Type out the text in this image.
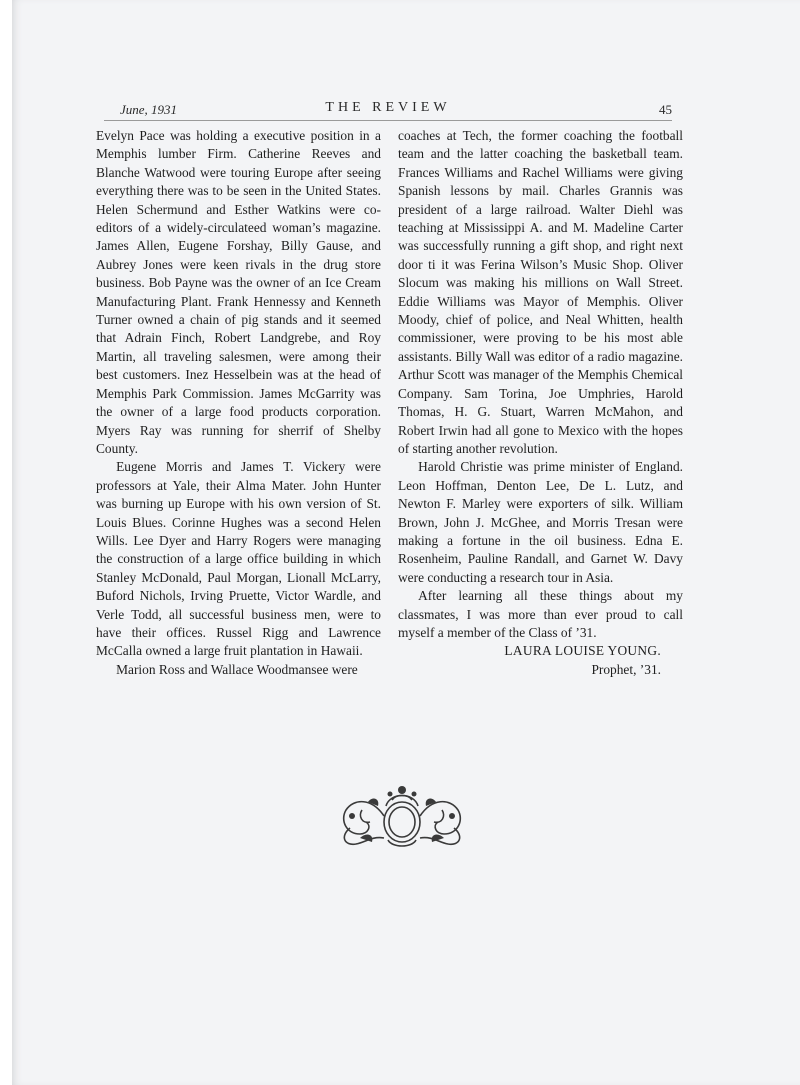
June, 1931	THE REVIEW	45

Evelyn Pace was holding a executive position in a Memphis lumber Firm. Catherine Reeves and Blanche Watwood were touring Europe after seeing everything there was to be seen in the United States. Helen Schermund and Esther Watkins were co-editors of a widely-circulateed woman’s magazine. James Allen, Eugene Forshay, Billy Gause, and Aubrey Jones were keen rivals in the drug store business. Bob Payne was the owner of an Ice Cream Manufacturing Plant. Frank Hennessy and Kenneth Turner owned a chain of pig stands and it seemed that Adrain Finch, Robert Landgrebe, and Roy Martin, all traveling salesmen, were among their best customers. Inez Hesselbein was at the head of Memphis Park Commission. James McGarrity was the owner of a large food products corporation. Myers Ray was running for sherrif of Shelby County.

Eugene Morris and James T. Vickery were professors at Yale, their Alma Mater. John Hunter was burning up Europe with his own version of St. Louis Blues. Corinne Hughes was a second Helen Wills. Lee Dyer and Harry Rogers were managing the construction of a large office building in which Stanley McDonald, Paul Morgan, Lionall McLarry, Buford Nichols, Irving Pruette, Victor Wardle, and Verle Todd, all successful business men, were to have their offices. Russel Rigg and Lawrence McCalla owned a large fruit plantation in Hawaii.

Marion Ross and Wallace Woodmansee were

coaches at Tech, the former coaching the football team and the latter coaching the basketball team. Frances Williams and Rachel Williams were giving Spanish lessons by mail. Charles Grannis was president of a large railroad. Walter Diehl was teaching at Mississippi A. and M. Madeline Carter was successfully running a gift shop, and right next door ti it was Ferina Wilson’s Music Shop. Oliver Slocum was making his millions on Wall Street. Eddie Williams was Mayor of Memphis. Oliver Moody, chief of police, and Neal Whitten, health commissioner, were proving to be his most able assistants. Billy Wall was editor of a radio magazine. Arthur Scott was manager of the Memphis Chemical Company. Sam Torina, Joe Umphries, Harold Thomas, H. G. Stuart, Warren McMahon, and Robert Irwin had all gone to Mexico with the hopes of starting another revolution.

Harold Christie was prime minister of England. Leon Hoffman, Denton Lee, De L. Lutz, and Newton F. Marley were exporters of silk. William Brown, John J. McGhee, and Morris Tresan were making a fortune in the oil business. Edna E. Rosenheim, Pauline Randall, and Garnet W. Davy were conducting a research tour in Asia.

After learning all these things about my classmates, I was more than ever proud to call myself a member of the Class of ’31.

LAURA LOUISE YOUNG.
Prophet, ’31.
